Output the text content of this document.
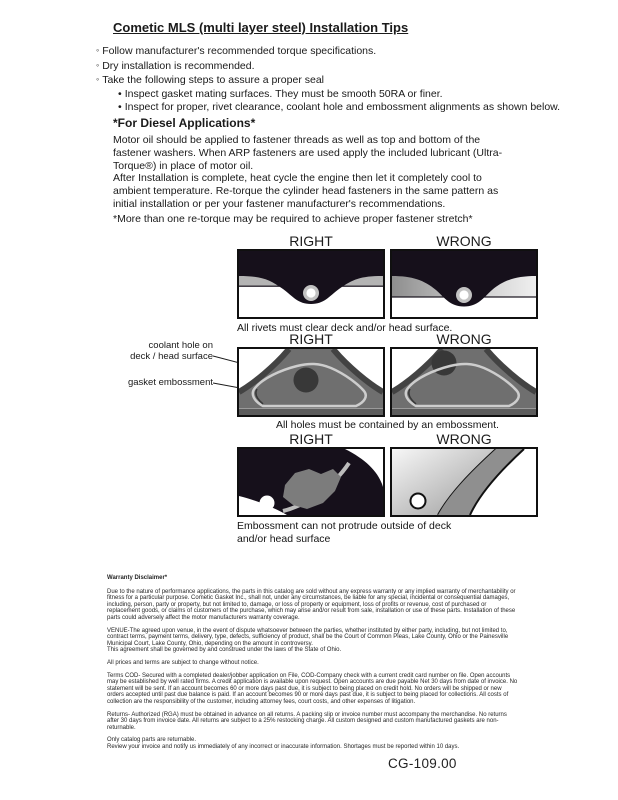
Cometic MLS (multi layer steel) Installation Tips
◦ Follow manufacturer's recommended torque specifications.
◦ Dry installation is recommended.
◦ Take the following steps to assure a proper seal
• Inspect gasket mating surfaces. They must be smooth 50RA or finer.
• Inspect for proper, rivet clearance, coolant hole and embossment alignments as shown below.
*For Diesel Applications*
Motor oil should be applied to fastener threads as well as top and bottom of the fastener washers. When ARP fasteners are used apply the included lubricant (Ultra-Torque®) in place of motor oil.
After Installation is complete, heat cycle the engine then let it completely cool to ambient temperature. Re-torque the cylinder head fasteners in the same pattern as initial installation or per your fastener manufacturer's recommendations.
*More than one re-torque may be required to achieve proper fastener stretch*
RIGHT	WRONG
All rivets must clear deck and/or head surface.
coolant hole on
deck / head surface
gasket embossment
RIGHT	WRONG
All holes must be contained by an embossment.
RIGHT	WRONG
Embossment can not protrude outside of deck
and/or head surface
Warranty Disclaimer*

Due to the nature of performance applications, the parts in this catalog are sold without any express warranty or any implied warranty of merchantability or fitness for a particular purpose. Cometic Gasket Inc., shall not, under any circumstances, be liable for any special, incidental or consequential damages, including, person, party or property, but not limited to, damage, or loss of property or equipment, loss of profits or revenue, cost of purchased or replacement goods, or claims of customers of the purchase, which may arise and/or result from sale, installation or use of these parts. Installation of these parts could adversely affect the motor manufacturers warranty coverage.

VENUE-The agreed upon venue, in the event of dispute whatsoever between the parties, whether instituted by either party, including, but not limited to, contract terms, payment terms, delivery, type, defects, sufficiency of product, shall be the Court of Common Pleas, Lake County, Ohio or the Painesville Municipal Court, Lake County, Ohio, depending on the amount in controversy.

This agreement shall be governed by and construed under the laws of the State of Ohio.

All prices and terms are subject to change without notice.

Terms COD- Secured with a completed dealer/jobber application on File, COD-Company check with a current credit card number on file. Open accounts may be established by well rated firms. A credit application is available upon request. Open accounts are due payable Net 30 days from date of invoice. No statement will be sent. If an account becomes 60 or more days past due, it is subject to being placed on credit hold. No orders will be shipped or new orders accepted until past due balance is paid. If an account becomes 90 or more days past due, it is subject to being placed for collections. All costs of collection are the responsibility of the customer, including attorney fees, court costs, and other expenses of litigation.

Returns- Authorized (RGA) must be obtained in advance on all returns. A packing slip or invoice number must accompany the merchandise. No returns after 30 days from invoice date. All returns are subject to a 25% restocking charge. All custom designed and custom manufactured gaskets are non-returnable.

Only catalog parts are returnable.

Review your invoice and notify us immediately of any incorrect or inaccurate information. Shortages must be reported within 10 days.

CG-109.00
